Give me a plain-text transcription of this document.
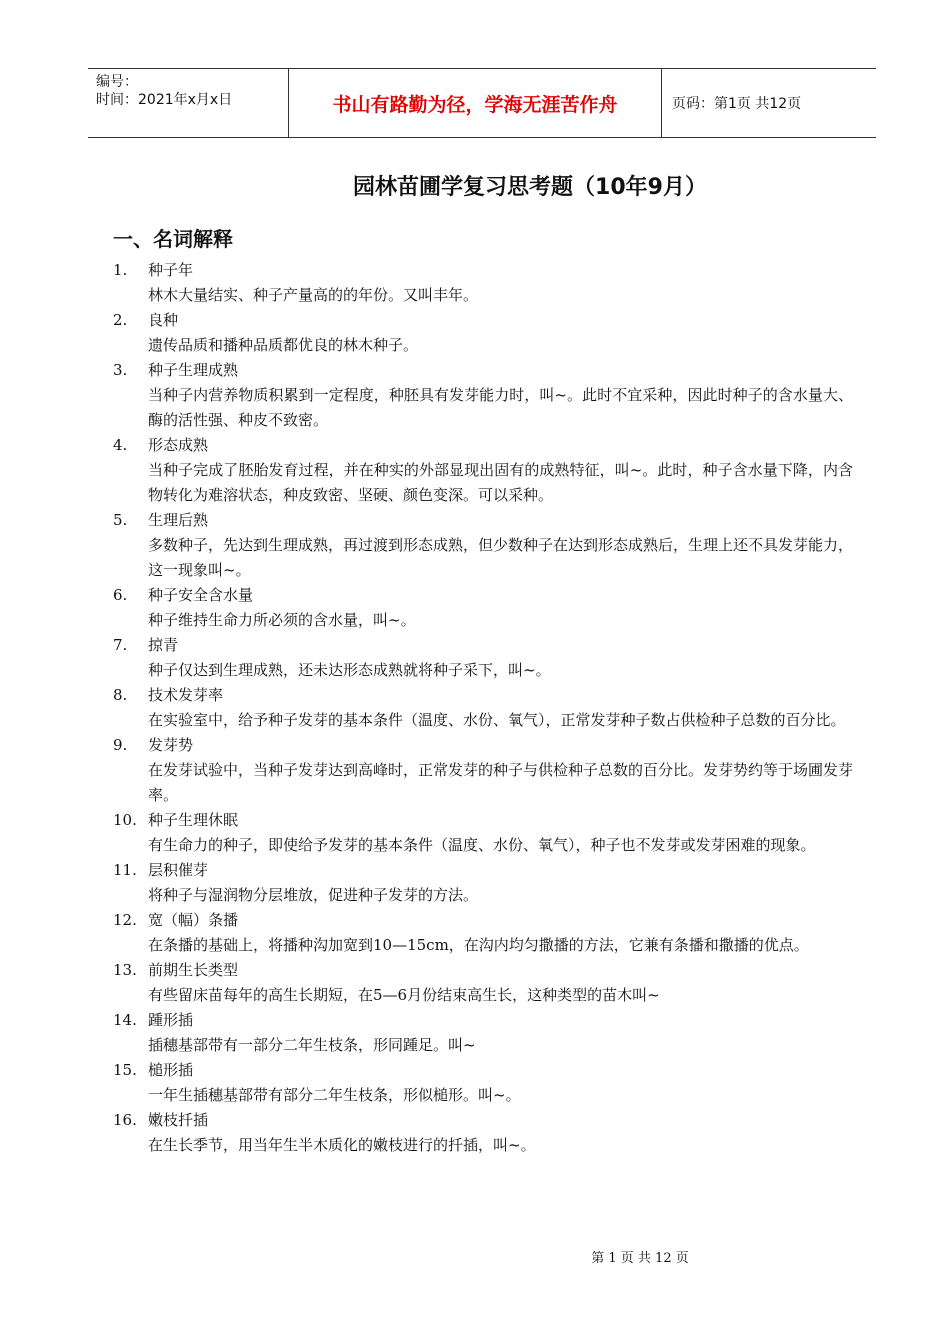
编号：
时间：2021年x月x日	书山有路勤为径，学海无涯苦作舟	页码：第1页 共12页
园林苗圃学复习思考题（10年9月）
一、名词解释
1.	种子年
林木大量结实、种子产量高的的年份。又叫丰年。
2.	良种
遗传品质和播种品质都优良的林木种子。
3.	种子生理成熟
当种子内营养物质积累到一定程度，种胚具有发芽能力时，叫~。此时不宜采种，因此时种子的含水量大、酶的活性强、种皮不致密。
4.	形态成熟
当种子完成了胚胎发育过程，并在种实的外部显现出固有的成熟特征，叫~。此时，种子含水量下降，内含物转化为难溶状态，种皮致密、坚硬、颜色变深。可以采种。
5.	生理后熟
多数种子，先达到生理成熟，再过渡到形态成熟，但少数种子在达到形态成熟后，生理上还不具发芽能力，这一现象叫~。
6.	种子安全含水量
种子维持生命力所必须的含水量，叫~。
7.	掠青
种子仅达到生理成熟，还未达形态成熟就将种子采下，叫~。
8.	技术发芽率
在实验室中，给予种子发芽的基本条件（温度、水份、氧气），正常发芽种子数占供检种子总数的百分比。
9.	发芽势
在发芽试验中，当种子发芽达到高峰时，正常发芽的种子与供检种子总数的百分比。发芽势约等于场圃发芽率。
10. 种子生理休眠
有生命力的种子，即使给予发芽的基本条件（温度、水份、氧气），种子也不发芽或发芽困难的现象。
11. 层积催芽
将种子与湿润物分层堆放，促进种子发芽的方法。
12. 宽（幅）条播
在条播的基础上，将播种沟加宽到10—15cm，在沟内均匀撒播的方法，它兼有条播和撒播的优点。
13. 前期生长类型
有些留床苗每年的高生长期短，在5—6月份结束高生长，这种类型的苗木叫~
14. 踵形插
插穗基部带有一部分二年生枝条，形同踵足。叫~
15. 槌形插
一年生插穗基部带有部分二年生枝条，形似槌形。叫~。
16. 嫩枝扦插
在生长季节，用当年生半木质化的嫩枝进行的扦插，叫~。
第 1 页 共 12 页
